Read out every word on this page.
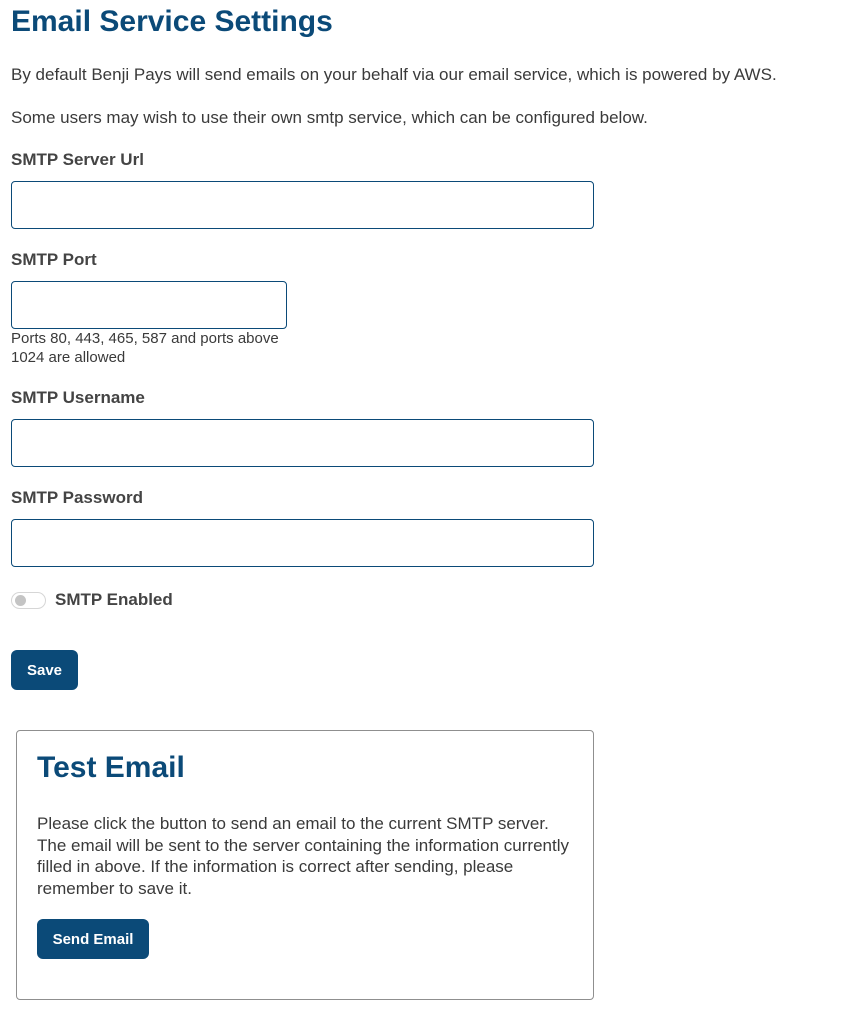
Email Service Settings

By default Benji Pays will send emails on your behalf via our email service, which is powered by AWS.

Some users may wish to use their own smtp service, which can be configured below.

SMTP Server Url
SMTP Port
Ports 80, 443, 465, 587 and ports above 1024 are allowed
SMTP Username
SMTP Password
SMTP Enabled
Save
Test Email

Please click the button to send an email to the current SMTP server. The email will be sent to the server containing the information currently filled in above. If the information is correct after sending, please remember to save it.

Send Email
